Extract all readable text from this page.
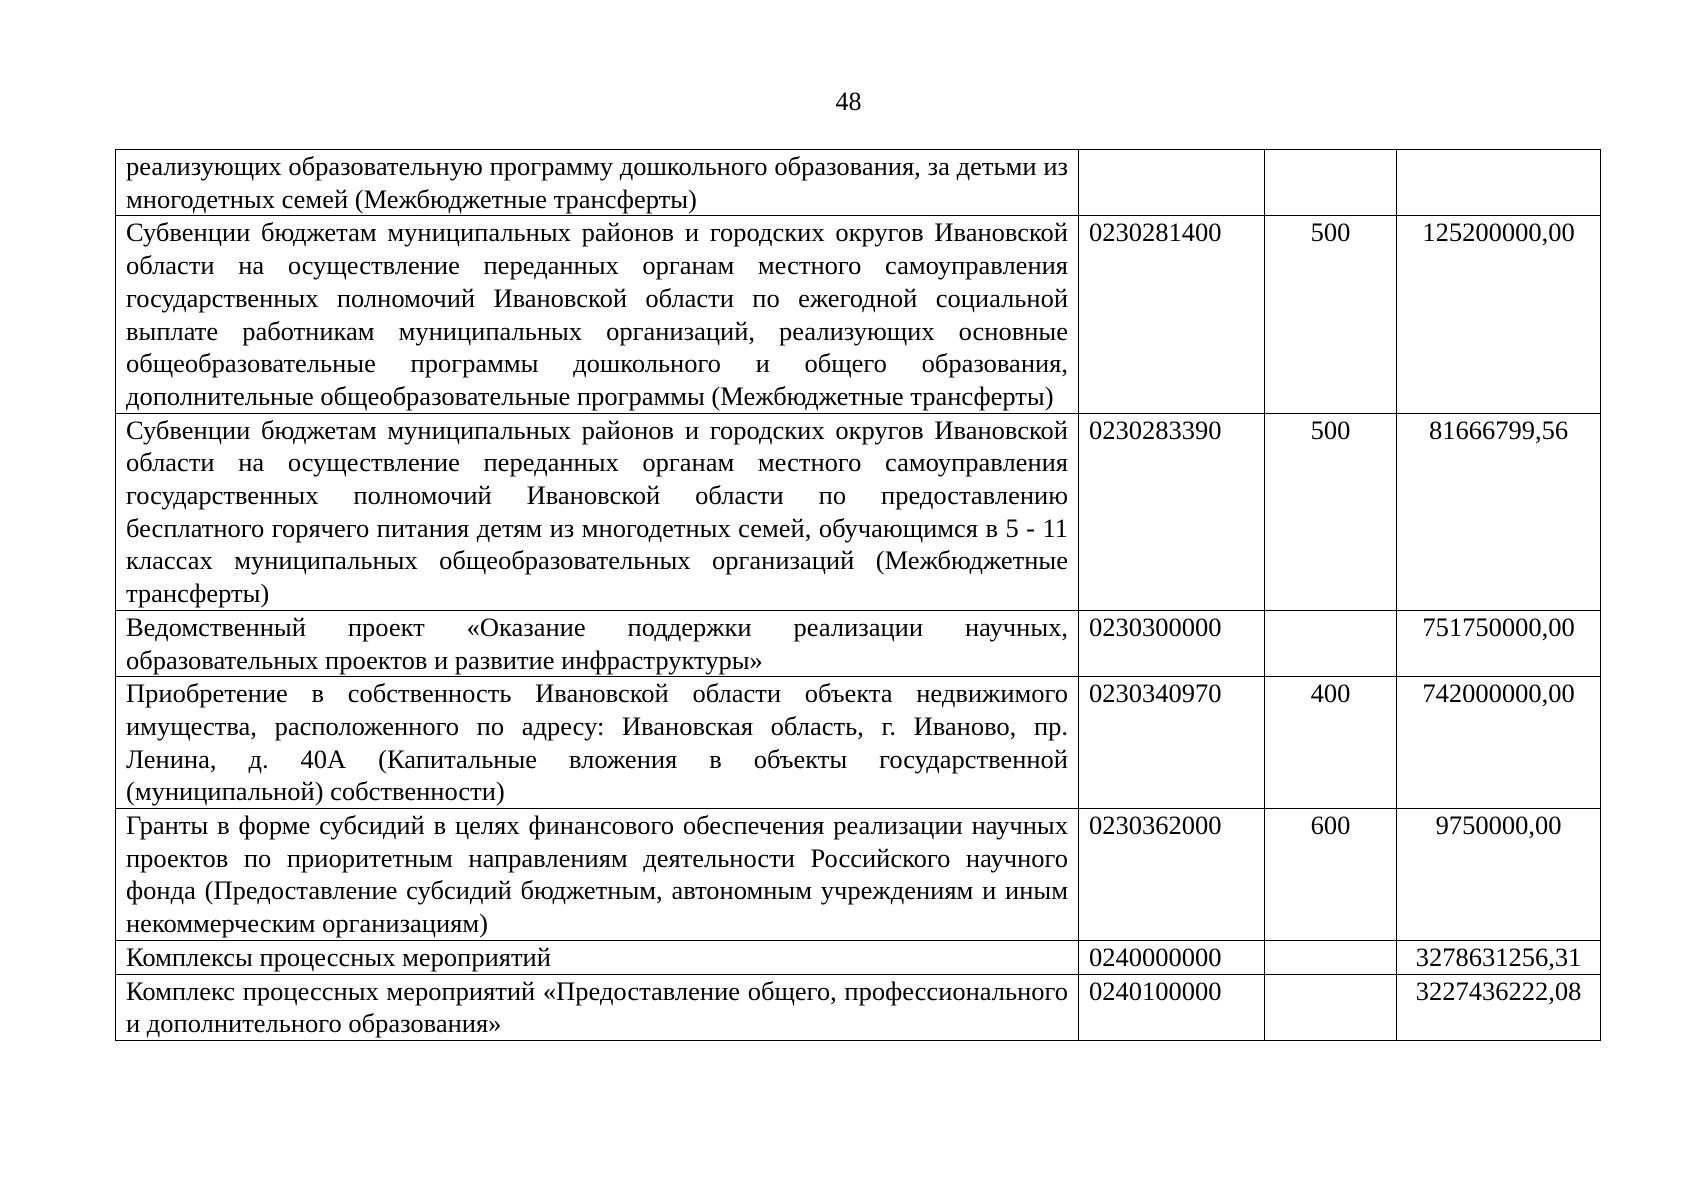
48
реализующих образовательную программу дошкольного образования, за детьми из многодетных семей (Межбюджетные трансферты)			
Субвенции бюджетам муниципальных районов и городских округов Ивановской области на осуществление переданных органам местного самоуправления государственных полномочий Ивановской области по ежегодной социальной выплате работникам муниципальных организаций, реализующих основные общеобразовательные программы дошкольного и общего образования, дополнительные общеобразовательные программы (Межбюджетные трансферты)	0230281400	500	125200000,00
Субвенции бюджетам муниципальных районов и городских округов Ивановской области на осуществление переданных органам местного самоуправления государственных полномочий Ивановской области по предоставлению бесплатного горячего питания детям из многодетных семей, обучающимся в 5 - 11 классах муниципальных общеобразовательных организаций (Межбюджетные трансферты)	0230283390	500	81666799,56
Ведомственный проект «Оказание поддержки реализации научных, образовательных проектов и развитие инфраструктуры»	0230300000		751750000,00
Приобретение в собственность Ивановской области объекта недвижимого имущества, расположенного по адресу: Ивановская область, г. Иваново, пр. Ленина, д. 40А (Капитальные вложения в объекты государственной (муниципальной) собственности)	0230340970	400	742000000,00
Гранты в форме субсидий в целях финансового обеспечения реализации научных проектов по приоритетным направлениям деятельности Российского научного фонда (Предоставление субсидий бюджетным, автономным учреждениям и иным некоммерческим организациям)	0230362000	600	9750000,00
Комплексы процессных мероприятий	0240000000		3278631256,31
Комплекс процессных мероприятий «Предоставление общего, профессионального и дополнительного образования»	0240100000		3227436222,08
